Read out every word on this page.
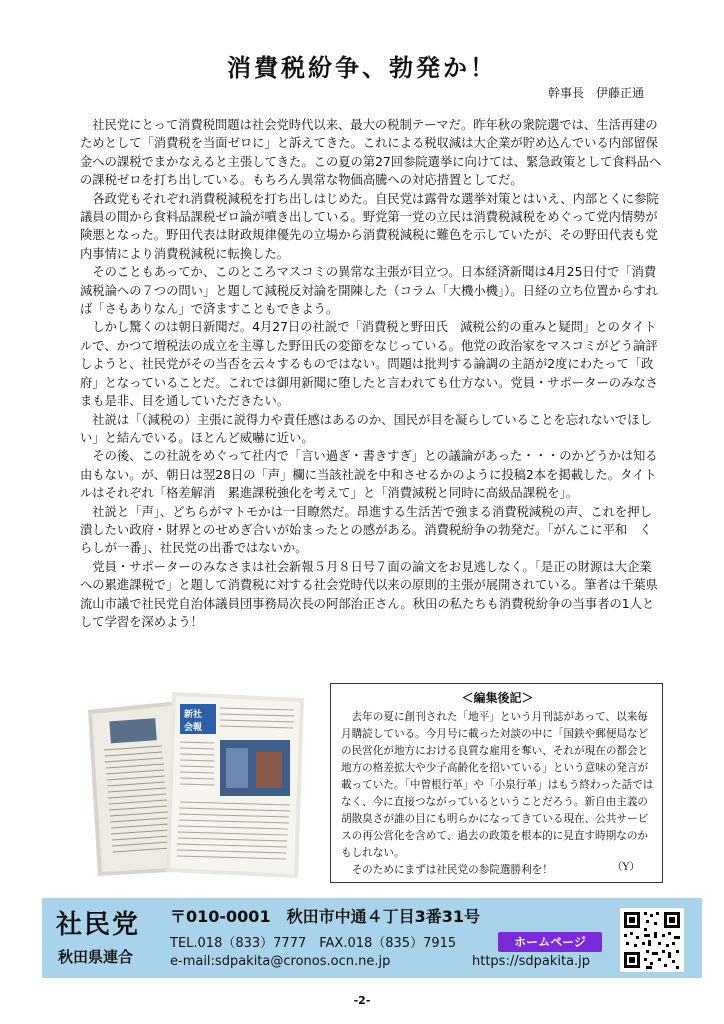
消費税紛争、勃発か！
幹事長　伊藤正通

社民党にとって消費税問題は社会党時代以来、最大の税制テーマだ。昨年秋の衆院選では、生活再建のためとして「消費税を当面ゼロに」と訴えてきた。これによる税収減は大企業が貯め込んでいる内部留保金への課税でまかなえると主張してきた。この夏の第27回参院選挙に向けては、緊急政策として食料品への課税ゼロを打ち出している。もちろん異常な物価高騰への対応措置としてだ。

各政党もそれぞれ消費税減税を打ち出しはじめた。自民党は露骨な選挙対策とはいえ、内部とくに参院議員の間から食料品課税ゼロ論が噴き出している。野党第一党の立民は消費税減税をめぐって党内情勢が険悪となった。野田代表は財政規律優先の立場から消費税減税に難色を示していたが、その野田代表も党内事情により消費税減税に転換した。

そのこともあってか、このところマスコミの異常な主張が目立つ。日本経済新聞は4月25日付で「消費減税論への７つの問い」と題して減税反対論を開陳した（コラム「大機小機」）。日経の立ち位置からすれば「さもありなん」で済ますこともできよう。

しかし驚くのは朝日新聞だ。4月27日の社説で「消費税と野田氏　減税公約の重みと疑問」とのタイトルで、かつて増税法の成立を主導した野田氏の変節をなじっている。他党の政治家をマスコミがどう論評しようと、社民党がその当否を云々するものではない。問題は批判する論調の主語が2度にわたって「政府」となっていることだ。これでは御用新聞に堕したと言われても仕方ない。党員・サポーターのみなさまも是非、目を通していただきたい。

社説は「（減税の）主張に説得力や責任感はあるのか、国民が目を凝らしていることを忘れないでほしい」と結んでいる。ほとんど威嚇に近い。

その後、この社説をめぐって社内で「言い過ぎ・書きすぎ」との議論があった・・・のかどうかは知る由もない。が、朝日は翌28日の「声」欄に当該社説を中和させるかのように投稿2本を掲載した。タイトルはそれぞれ「格差解消　累進課税強化を考えて」と「消費減税と同時に高級品課税を」。

社説と「声」、どちらがマトモかは一目瞭然だ。昂進する生活苦で強まる消費税減税の声、これを押し潰したい政府・財界とのせめぎ合いが始まったとの感がある。消費税紛争の勃発だ。「がんこに平和　くらしが一番」、社民党の出番ではないか。

党員・サポーターのみなさまは社会新報５月８日号７面の論文をお見逃しなく。「是正の財源は大企業への累進課税で」と題して消費税に対する社会党時代以来の原則的主張が展開されている。筆者は千葉県流山市議で社民党自治体議員団事務局次長の阿部治正さん。秋田の私たちも消費税紛争の当事者の1人として学習を深めよう！

新社
会報
＜編集後記＞

去年の夏に創刊された「地平」という月刊誌があって、以来毎月購読している。今月号に載った対談の中に「国鉄や郵便局などの民営化が地方における良質な雇用を奪い、それが現在の都会と地方の格差拡大や少子高齢化を招いている」という意味の発言が載っていた。「中曽根行革」や「小泉行革」はもう終わった話ではなく、今に直接つながっているということだろう。新自由主義の胡散臭さが誰の目にも明らかになってきている現在、公共サービスの再公営化を含めて、過去の政策を根本的に見直す時期なのかもしれない。

そのためにまずは社民党の参院選勝利を！	（Y）
社民党
秋田県連合
〒010-0001　秋田市中通４丁目3番31号
TEL.018（833）7777　FAX.018（835）7915
e-mail:sdpakita@cronos.ocn.ne.jp
ホームページ
https://sdpakita.jp
-2-
